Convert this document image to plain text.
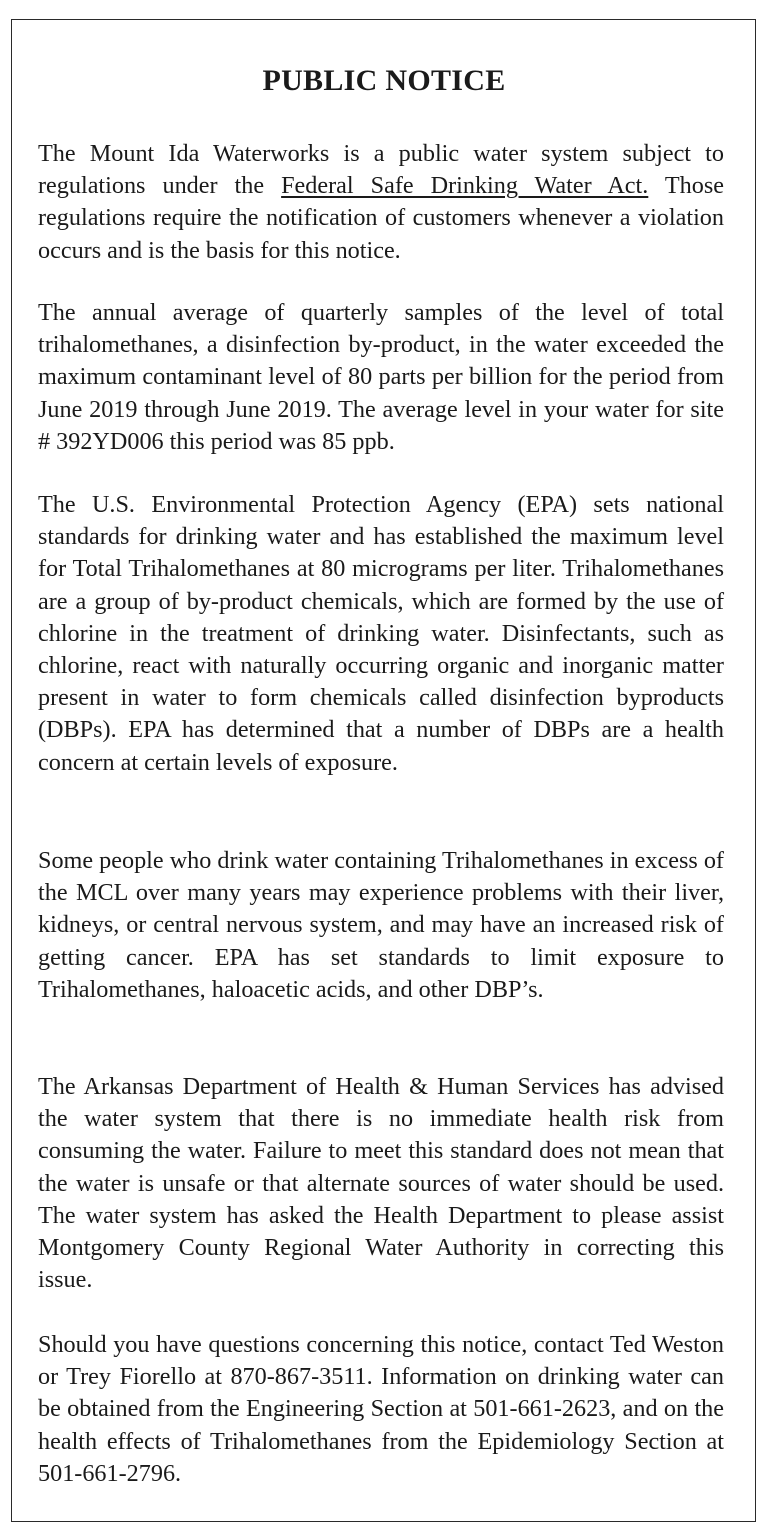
PUBLIC NOTICE

The Mount Ida Waterworks is a public water system subject to regulations under the Federal Safe Drinking Water Act. Those regulations require the notification of customers whenever a violation occurs and is the basis for this notice.

The annual average of quarterly samples of the level of total trihalomethanes, a disinfection by-product, in the water exceeded the maximum contaminant level of 80 parts per billion for the period from June 2019 through June 2019. The average level in your water for site # 392YD006 this period was 85 ppb.

The U.S. Environmental Protection Agency (EPA) sets national standards for drinking water and has established the maximum level for Total Trihalomethanes at 80 micrograms per liter. Trihalomethanes are a group of by-product chemicals, which are formed by the use of chlorine in the treatment of drinking water. Disinfectants, such as chlorine, react with naturally occurring organic and inorganic matter present in water to form chemicals called disinfection byproducts (DBPs). EPA has determined that a number of DBPs are a health concern at certain levels of exposure.

Some people who drink water containing Trihalomethanes in excess of the MCL over many years may experience problems with their liver, kidneys, or central nervous system, and may have an increased risk of getting cancer. EPA has set standards to limit exposure to Trihalomethanes, haloacetic acids, and other DBP’s.

The Arkansas Department of Health & Human Services has advised the water system that there is no immediate health risk from consuming the water. Failure to meet this standard does not mean that the water is unsafe or that alternate sources of water should be used. The water system has asked the Health Department to please assist Montgomery County Regional Water Authority in correcting this issue.

Should you have questions concerning this notice, contact Ted Weston or Trey Fiorello at 870-867-3511. Information on drinking water can be obtained from the Engineering Section at 501-661-2623, and on the health effects of Trihalomethanes from the Epidemiology Section at 501-661-2796.
